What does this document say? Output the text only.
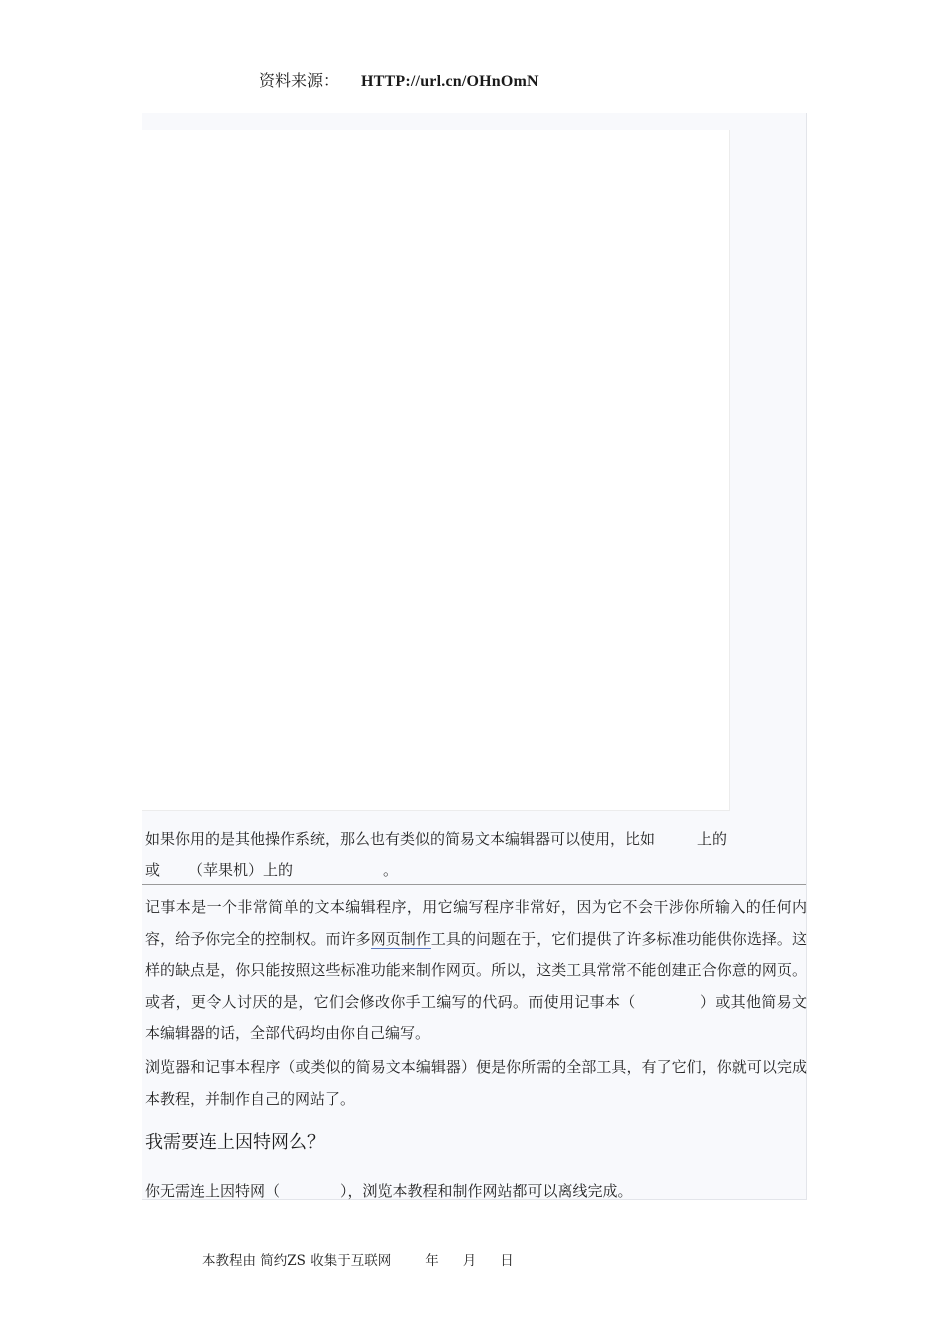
资料来源： HTTP://url.cn/OHnOmN
如果你用的是其他操作系统，那么也有类似的简易文本编辑器可以使用，比如	上的
或 （苹果机）上的	。
记事本是一个非常简单的文本编辑程序，用它编写程序非常好，因为它不会干涉你所输入的任何内容，给予你完全的控制权。而许多网页制作工具的问题在于，它们提供了许多标准功能供你选择。这样的缺点是，你只能按照这些标准功能来制作网页。所以，这类工具常常不能创建正合你意的网页。或者，更令人讨厌的是，它们会修改你手工编写的代码。而使用记事本（	）或其他简易文本编辑器的话，全部代码均由你自己编写。
浏览器和记事本程序（或类似的简易文本编辑器）便是你所需的全部工具，有了它们，你就可以完成本教程，并制作自己的网站了。
我需要连上因特网么？
你无需连上因特网（	），浏览本教程和制作网站都可以离线完成。
本教程由 简约ZS 收集于互联网	年 月 日
